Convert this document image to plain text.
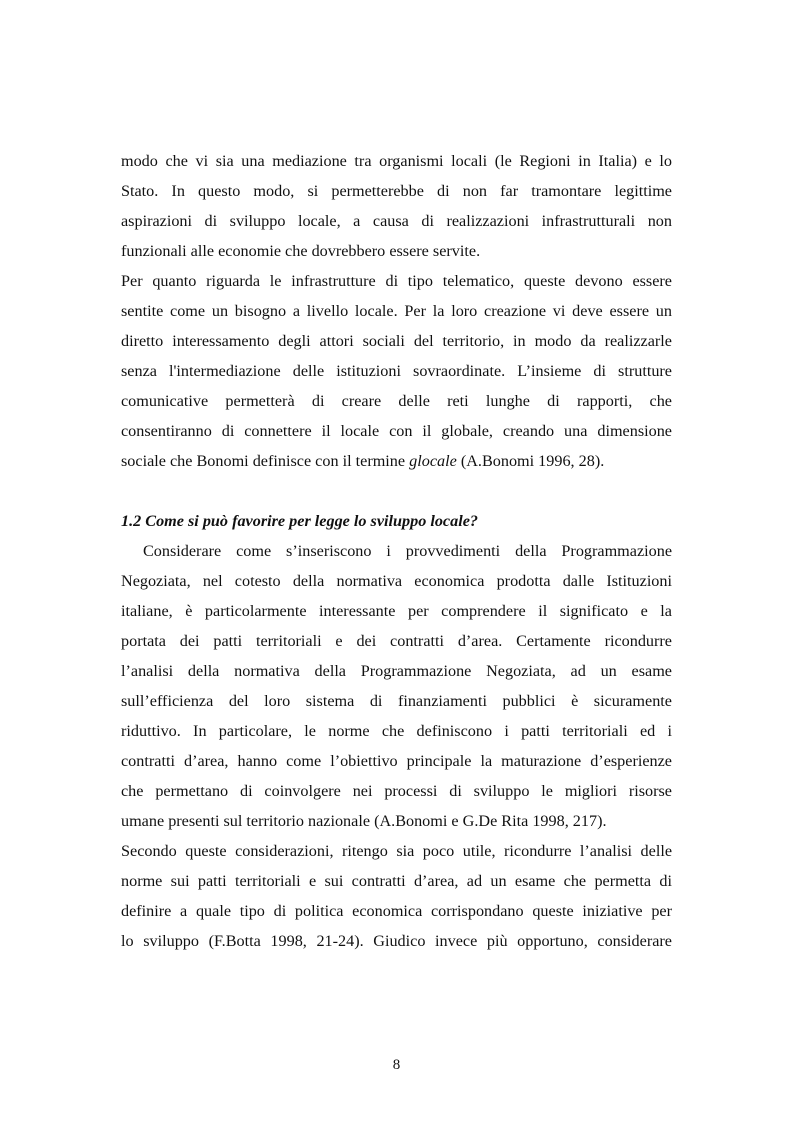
modo che vi sia una mediazione tra organismi locali (le Regioni in Italia) e lo
Stato. In questo modo, si permetterebbe di non far tramontare legittime
aspirazioni di sviluppo locale, a causa di realizzazioni infrastrutturali non
funzionali alle economie che dovrebbero essere servite.
Per quanto riguarda le infrastrutture di tipo telematico, queste devono essere
sentite come un bisogno a livello locale. Per la loro creazione vi deve essere un
diretto interessamento degli attori sociali del territorio, in modo da realizzarle
senza l'intermediazione delle istituzioni sovraordinate. L’insieme di strutture
comunicative permetterà di creare delle reti lunghe di rapporti, che
consentiranno di connettere il locale con il globale, creando una dimensione
sociale che Bonomi definisce con il termine glocale (A.Bonomi 1996, 28).
1.2 Come si può favorire per legge lo sviluppo locale?
Considerare come s’inseriscono i provvedimenti della Programmazione
Negoziata, nel cotesto della normativa economica prodotta dalle Istituzioni
italiane, è particolarmente interessante per comprendere il significato e la
portata dei patti territoriali e dei contratti d’area. Certamente ricondurre
l’analisi della normativa della Programmazione Negoziata, ad un esame
sull’efficienza del loro sistema di finanziamenti pubblici è sicuramente
riduttivo. In particolare, le norme che definiscono i patti territoriali ed i
contratti d’area, hanno come l’obiettivo principale la maturazione d’esperienze
che permettano di coinvolgere nei processi di sviluppo le migliori risorse
umane presenti sul territorio nazionale (A.Bonomi e G.De Rita 1998, 217).
Secondo queste considerazioni, ritengo sia poco utile, ricondurre l’analisi delle
norme sui patti territoriali e sui contratti d’area, ad un esame che permetta di
definire a quale tipo di politica economica corrispondano queste iniziative per
lo sviluppo (F.Botta 1998, 21-24). Giudico invece più opportuno, considerare
8
